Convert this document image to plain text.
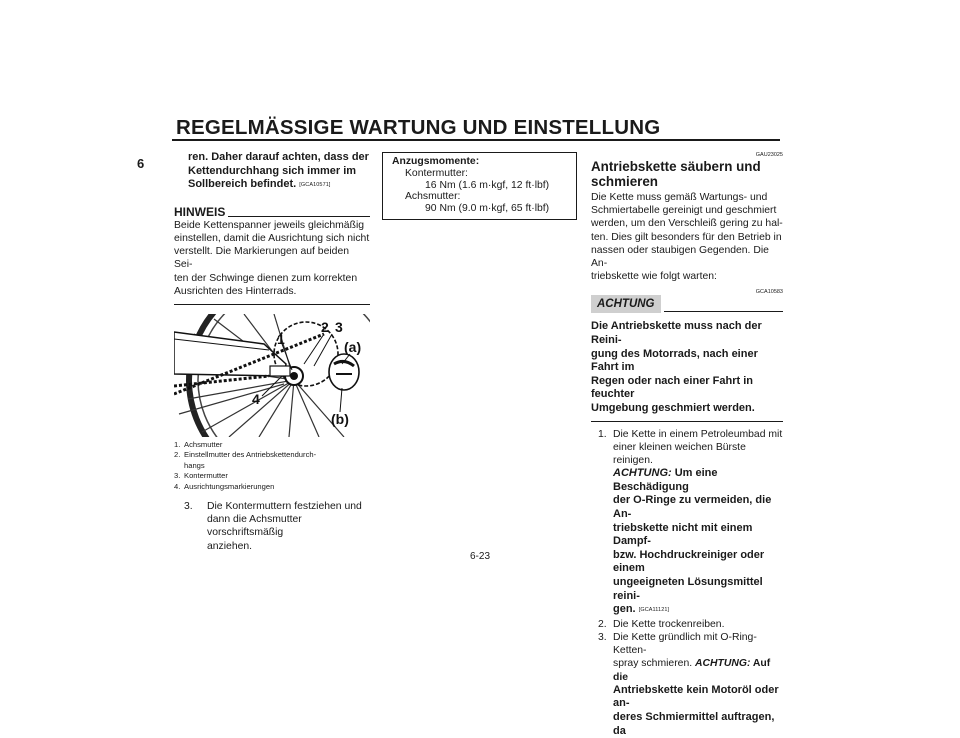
REGELMÄSSIGE WARTUNG UND EINSTELLUNG
6	ren. Daher darauf achten, dass der

Kettendurchhang sich immer im

Sollbereich befindet. [GCA10571]

HINWEIS

Beide Kettenspanner jeweils gleichmäßig

einstellen, damit die Ausrichtung sich nicht

verstellt. Die Markierungen auf beiden Sei-

ten der Schwinge dienen zum korrekten

Ausrichten des Hinterrads.

1
2 3
4
(a)
(b)
1. Achsmutter
2. Einstellmutter des Antriebskettendurch-
hangs
3. Kontermutter
4. Ausrichtungsmarkierungen
3.	Die Kontermuttern festziehen und

dann die Achsmutter vorschriftsmäßig

anziehen.

Anzugsmomente:

Kontermutter:

16 Nm (1.6 m·kgf, 12 ft·lbf)

Achsmutter:

90 Nm (9.0 m·kgf, 65 ft·lbf)

GAU23025

Antriebskette säubern und

schmieren

Die Kette muss gemäß Wartungs- und

Schmiertabelle gereinigt und geschmiert

werden, um den Verschleiß gering zu hal-

ten. Dies gilt besonders für den Betrieb in

nassen oder staubigen Gegenden. Die An-

triebskette wie folgt warten:

GCA10583
ACHTUNG

Die Antriebskette muss nach der Reini-

gung des Motorrads, nach einer Fahrt im

Regen oder nach einer Fahrt in feuchter

Umgebung geschmiert werden.

1. Die Kette in einem Petroleumbad mit

einer kleinen weichen Bürste reinigen.

ACHTUNG: Um eine Beschädigung

der O-Ringe zu vermeiden, die An-

triebskette nicht mit einem Dampf-

bzw. Hochdruckreiniger oder einem

ungeeigneten Lösungsmittel reini-

gen. [GCA11121]

2. Die Kette trockenreiben.

3. Die Kette gründlich mit O-Ring-Ketten-

spray schmieren. ACHTUNG: Auf die

Antriebskette kein Motoröl oder an-

deres Schmiermittel auftragen, da

6-23
